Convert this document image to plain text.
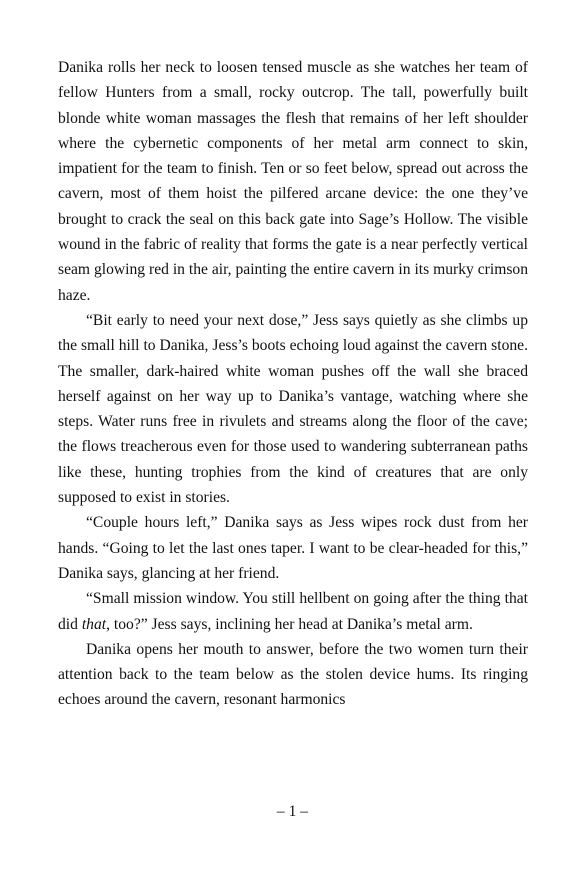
Danika rolls her neck to loosen tensed muscle as she watches her team of fellow Hunters from a small, rocky outcrop. The tall, powerfully built blonde white woman massages the flesh that remains of her left shoulder where the cybernetic components of her metal arm connect to skin, impatient for the team to finish. Ten or so feet below, spread out across the cavern, most of them hoist the pilfered arcane device: the one they’ve brought to crack the seal on this back gate into Sage’s Hollow. The visible wound in the fabric of reality that forms the gate is a near perfectly vertical seam glowing red in the air, painting the entire cavern in its murky crimson haze.

“Bit early to need your next dose,” Jess says quietly as she climbs up the small hill to Danika, Jess’s boots echoing loud against the cavern stone. The smaller, dark-haired white woman pushes off the wall she braced herself against on her way up to Danika’s vantage, watching where she steps. Water runs free in rivulets and streams along the floor of the cave; the flows treacherous even for those used to wandering subterranean paths like these, hunting trophies from the kind of creatures that are only supposed to exist in stories.

“Couple hours left,” Danika says as Jess wipes rock dust from her hands. “Going to let the last ones taper. I want to be clear-headed for this,” Danika says, glancing at her friend.

“Small mission window. You still hellbent on going after the thing that did that, too?” Jess says, inclining her head at Danika’s metal arm.

Danika opens her mouth to answer, before the two women turn their attention back to the team below as the stolen device hums. Its ringing echoes around the cavern, resonant harmonics

– 1 –
